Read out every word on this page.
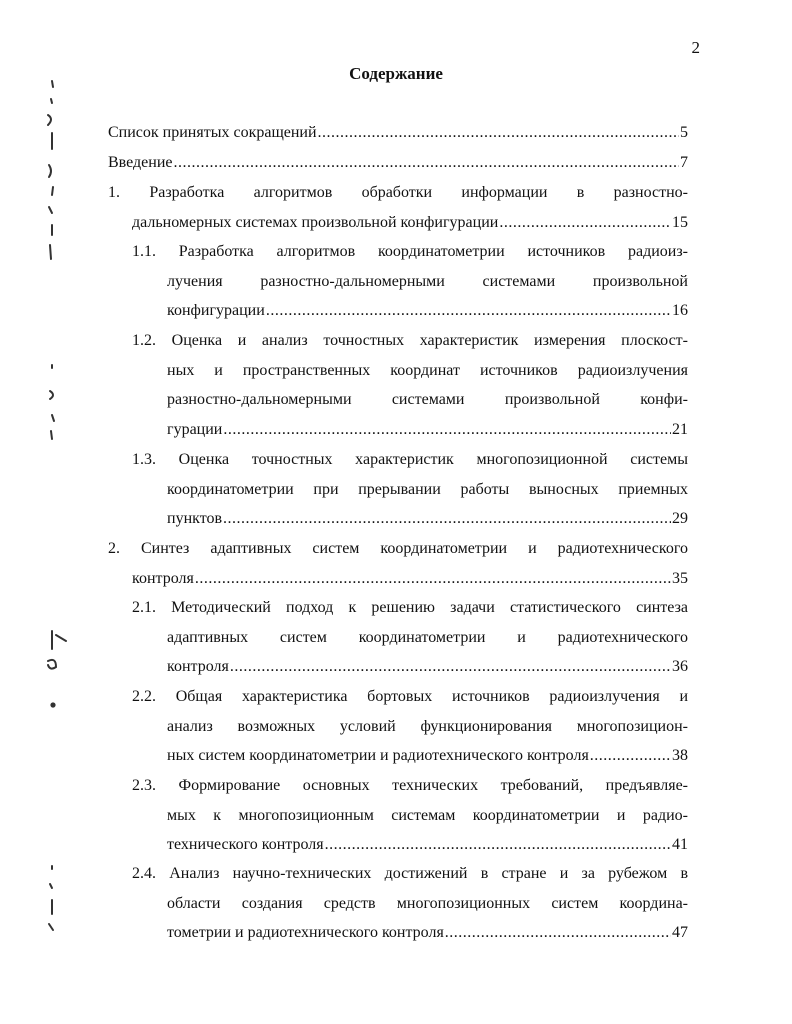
2
Содержание
Список принятых сокращений .....	5
Введение .....	7
1. Разработка алгоритмов обработки информации в разностно-
дальномерных системах произвольной конфигурации .....	15
1.1. Разработка алгоритмов координатометрии источников радиоиз-
лучения разностно-дальномерными системами произвольной
конфигурации .....	16
1.2. Оценка и анализ точностных характеристик измерения плоскост-
ных и пространственных координат источников радиоизлучения
разностно-дальномерными системами произвольной конфи-
гурации .....	21
1.3. Оценка точностных характеристик многопозиционной системы
координатометрии при прерывании работы выносных приемных
пунктов .....	29
2. Синтез адаптивных систем координатометрии и радиотехнического
контроля .....	35
2.1. Методический подход к решению задачи статистического синтеза
адаптивных систем координатометрии и радиотехнического
контроля .....	36
2.2. Общая характеристика бортовых источников радиоизлучения и
анализ возможных условий функционирования многопозицион-
ных систем координатометрии и радиотехнического контроля .....	38
2.3. Формирование основных технических требований, предъявляе-
мых к многопозиционным системам координатометрии и радио-
технического контроля .....	41
2.4. Анализ научно-технических достижений в стране и за рубежом в
области создания средств многопозиционных систем координа-
тометрии и радиотехнического контроля .....	47
